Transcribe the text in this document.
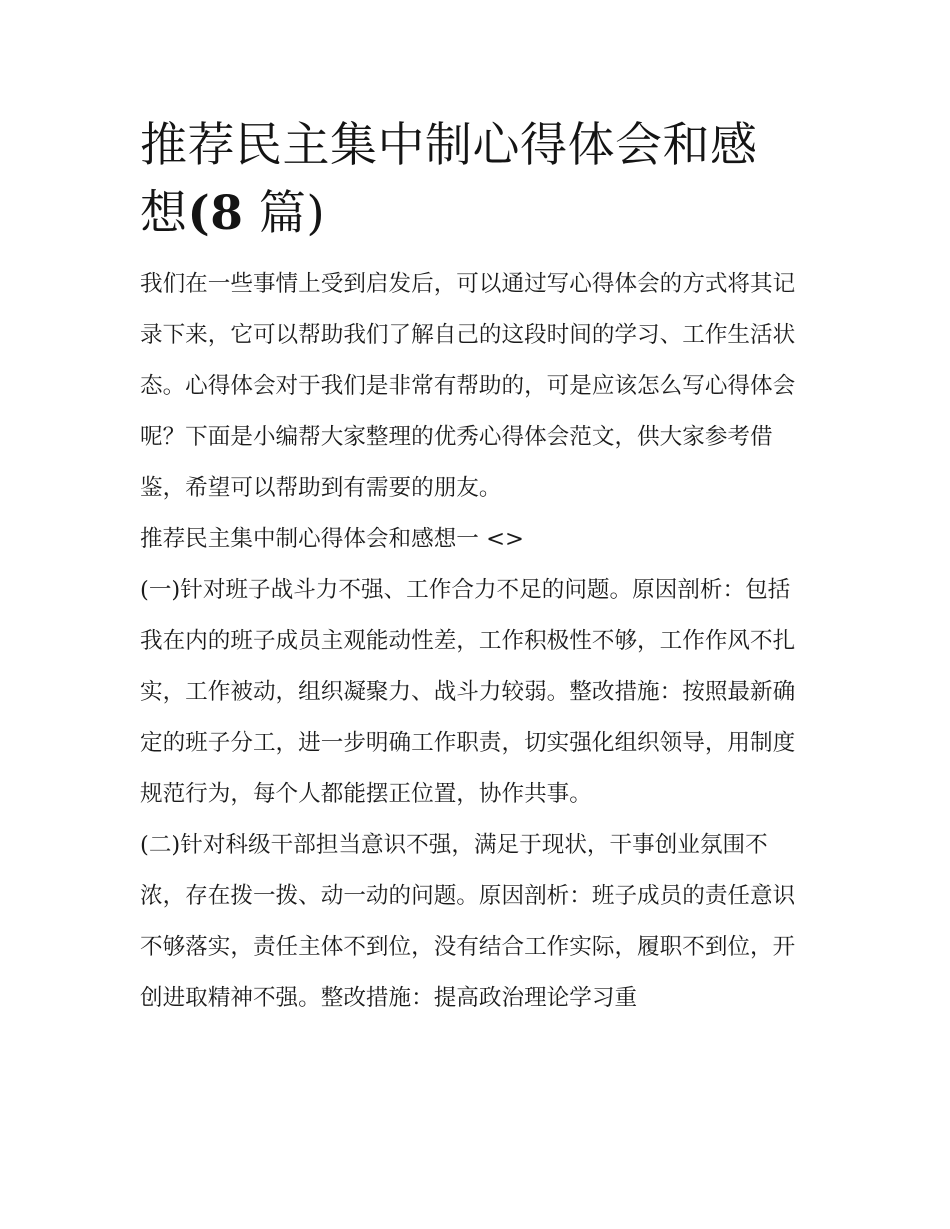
推荐民主集中制心得体会和感
想(8 篇)

我们在一些事情上受到启发后，可以通过写心得体会的方式将其记录下来，它可以帮助我们了解自己的这段时间的学习、工作生活状态。心得体会对于我们是非常有帮助的，可是应该怎么写心得体会呢？下面是小编帮大家整理的优秀心得体会范文，供大家参考借鉴，希望可以帮助到有需要的朋友。

推荐民主集中制心得体会和感想一 <>

(一)针对班子战斗力不强、工作合力不足的问题。原因剖析：包括我在内的班子成员主观能动性差，工作积极性不够，工作作风不扎实，工作被动，组织凝聚力、战斗力较弱。整改措施：按照最新确定的班子分工，进一步明确工作职责，切实强化组织领导，用制度规范行为，每个人都能摆正位置，协作共事。

(二)针对科级干部担当意识不强，满足于现状，干事创业氛围不浓，存在拨一拨、动一动的问题。原因剖析：班子成员的责任意识不够落实，责任主体不到位，没有结合工作实际，履职不到位，开创进取精神不强。整改措施：提高政治理论学习重
